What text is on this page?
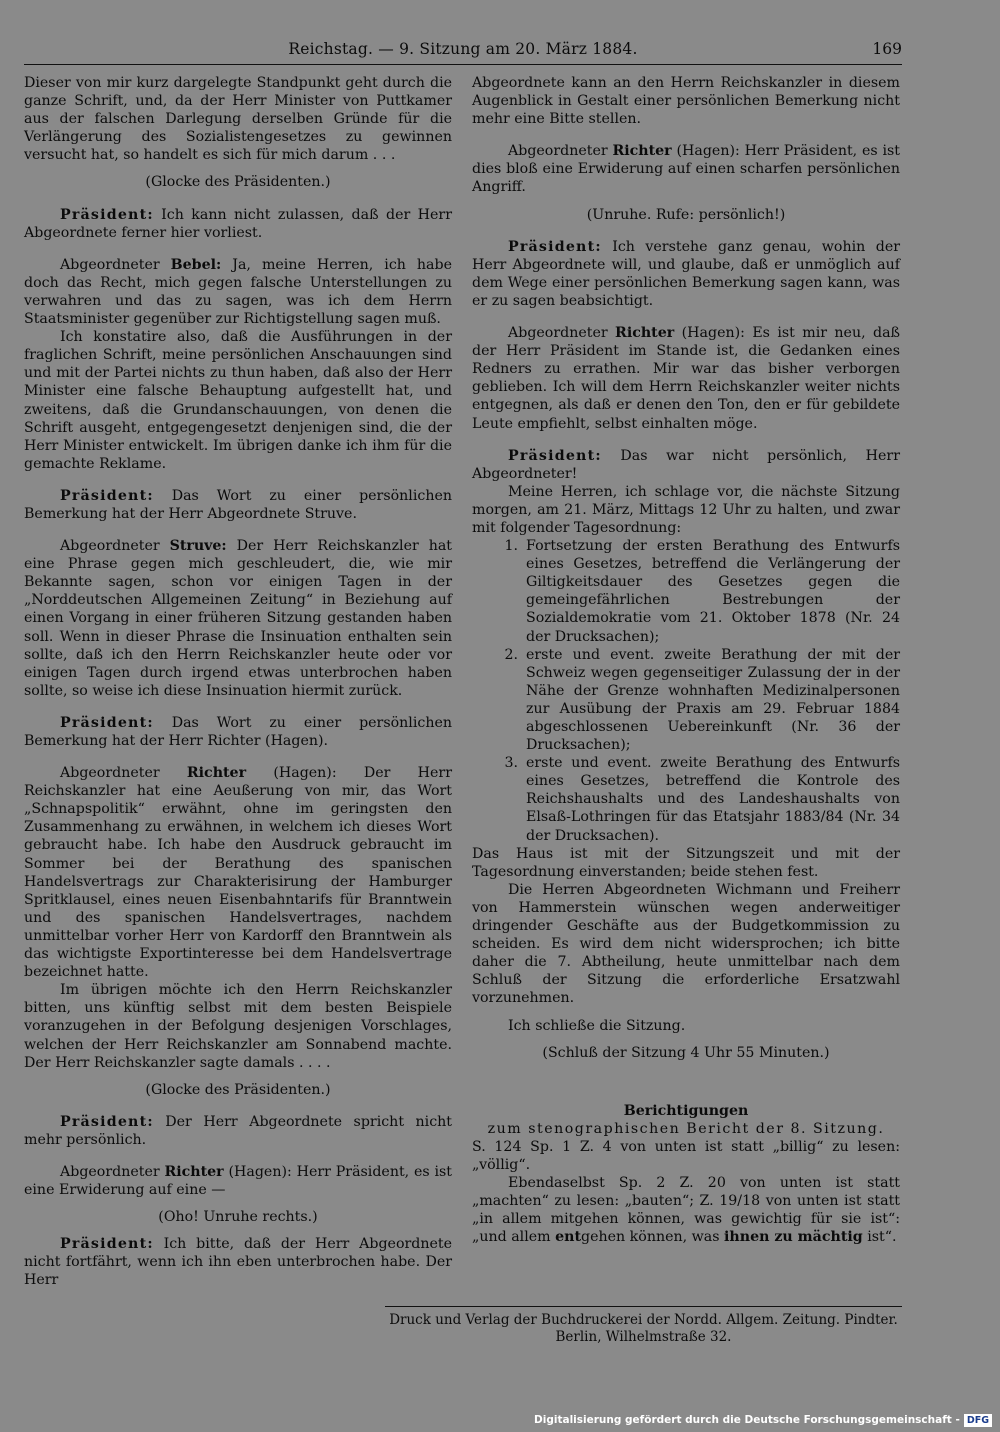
Reichstag. — 9. Sitzung am 20. März 1884.	169

Dieser von mir kurz dargelegte Standpunkt geht durch die ganze Schrift, und, da der Herr Minister von Puttkamer aus der falschen Darlegung derselben Gründe für die Verlängerung des Sozialistengesetzes zu gewinnen versucht hat, so handelt es sich für mich darum . . .

(Glocke des Präsidenten.)

Präsident: Ich kann nicht zulassen, daß der Herr Abgeordnete ferner hier vorliest.

Abgeordneter Bebel: Ja, meine Herren, ich habe doch das Recht, mich gegen falsche Unterstellungen zu verwahren und das zu sagen, was ich dem Herrn Staatsminister gegenüber zur Richtigstellung sagen muß.

Ich konstatire also, daß die Ausführungen in der fraglichen Schrift, meine persönlichen Anschauungen sind und mit der Partei nichts zu thun haben, daß also der Herr Minister eine falsche Behauptung aufgestellt hat, und zweitens, daß die Grundanschauungen, von denen die Schrift ausgeht, entgegengesetzt denjenigen sind, die der Herr Minister entwickelt. Im übrigen danke ich ihm für die gemachte Reklame.

Präsident: Das Wort zu einer persönlichen Bemerkung hat der Herr Abgeordnete Struve.

Abgeordneter Struve: Der Herr Reichskanzler hat eine Phrase gegen mich geschleudert, die, wie mir Bekannte sagen, schon vor einigen Tagen in der „Norddeutschen Allgemeinen Zeitung“ in Beziehung auf einen Vorgang in einer früheren Sitzung gestanden haben soll. Wenn in dieser Phrase die Insinuation enthalten sein sollte, daß ich den Herrn Reichskanzler heute oder vor einigen Tagen durch irgend etwas unterbrochen haben sollte, so weise ich diese Insinuation hiermit zurück.

Präsident: Das Wort zu einer persönlichen Bemerkung hat der Herr Richter (Hagen).

Abgeordneter Richter (Hagen): Der Herr Reichskanzler hat eine Aeußerung von mir, das Wort „Schnapspolitik“ erwähnt, ohne im geringsten den Zusammenhang zu erwähnen, in welchem ich dieses Wort gebraucht habe. Ich habe den Ausdruck gebraucht im Sommer bei der Berathung des spanischen Handelsvertrags zur Charakterisirung der Hamburger Spritklausel, eines neuen Eisenbahntarifs für Branntwein und des spanischen Handelsvertrages, nachdem unmittelbar vorher Herr von Kardorff den Branntwein als das wichtigste Exportinteresse bei dem Handelsvertrage bezeichnet hatte.

Im übrigen möchte ich den Herrn Reichskanzler bitten, uns künftig selbst mit dem besten Beispiele voranzugehen in der Befolgung desjenigen Vorschlages, welchen der Herr Reichskanzler am Sonnabend machte. Der Herr Reichskanzler sagte damals . . . .

(Glocke des Präsidenten.)

Präsident: Der Herr Abgeordnete spricht nicht mehr persönlich.

Abgeordneter Richter (Hagen): Herr Präsident, es ist eine Erwiderung auf eine —

(Oho! Unruhe rechts.)

Präsident: Ich bitte, daß der Herr Abgeordnete nicht fortfährt, wenn ich ihn eben unterbrochen habe. Der Herr

Abgeordnete kann an den Herrn Reichskanzler in diesem Augenblick in Gestalt einer persönlichen Bemerkung nicht mehr eine Bitte stellen.

Abgeordneter Richter (Hagen): Herr Präsident, es ist dies bloß eine Erwiderung auf einen scharfen persönlichen Angriff.

(Unruhe. Rufe: persönlich!)

Präsident: Ich verstehe ganz genau, wohin der Herr Abgeordnete will, und glaube, daß er unmöglich auf dem Wege einer persönlichen Bemerkung sagen kann, was er zu sagen beabsichtigt.

Abgeordneter Richter (Hagen): Es ist mir neu, daß der Herr Präsident im Stande ist, die Gedanken eines Redners zu errathen. Mir war das bisher verborgen geblieben. Ich will dem Herrn Reichskanzler weiter nichts entgegnen, als daß er denen den Ton, den er für gebildete Leute empfiehlt, selbst einhalten möge.

Präsident: Das war nicht persönlich, Herr Abgeordneter!

Meine Herren, ich schlage vor, die nächste Sitzung morgen, am 21. März, Mittags 12 Uhr zu halten, und zwar mit folgender Tagesordnung:

1. Fortsetzung der ersten Berathung des Entwurfs eines Gesetzes, betreffend die Verlängerung der Giltigkeitsdauer des Gesetzes gegen die gemeingefährlichen Bestrebungen der Sozialdemokratie vom 21. Oktober 1878 (Nr. 24 der Drucksachen);
2. erste und event. zweite Berathung der mit der Schweiz wegen gegenseitiger Zulassung der in der Nähe der Grenze wohnhaften Medizinalpersonen zur Ausübung der Praxis am 29. Februar 1884 abgeschlossenen Uebereinkunft (Nr. 36 der Drucksachen);
3. erste und event. zweite Berathung des Entwurfs eines Gesetzes, betreffend die Kontrole des Reichshaushalts und des Landeshaushalts von Elsaß-Lothringen für das Etatsjahr 1883/84 (Nr. 34 der Drucksachen).

Das Haus ist mit der Sitzungszeit und mit der Tagesordnung einverstanden; beide stehen fest.

Die Herren Abgeordneten Wichmann und Freiherr von Hammerstein wünschen wegen anderweitiger dringender Geschäfte aus der Budgetkommission zu scheiden. Es wird dem nicht widersprochen; ich bitte daher die 7. Abtheilung, heute unmittelbar nach dem Schluß der Sitzung die erforderliche Ersatzwahl vorzunehmen.

Ich schließe die Sitzung.

(Schluß der Sitzung 4 Uhr 55 Minuten.)

Berichtigungen

zum stenographischen Bericht der 8. Sitzung.

S. 124 Sp. 1 Z. 4 von unten ist statt „billig“ zu lesen: „völlig“.

Ebendaselbst Sp. 2 Z. 20 von unten ist statt „machten“ zu lesen: „bauten“; Z. 19/18 von unten ist statt „in allem mitgehen können, was gewichtig für sie ist“: „und allem entgehen können, was ihnen zu mächtig ist“.

Druck und Verlag der Buchdruckerei der Nordd. Allgem. Zeitung. Pindter.
Berlin, Wilhelmstraße 32.
Digitalisierung gefördert durch die Deutsche Forschungsgemeinschaft - DFG
